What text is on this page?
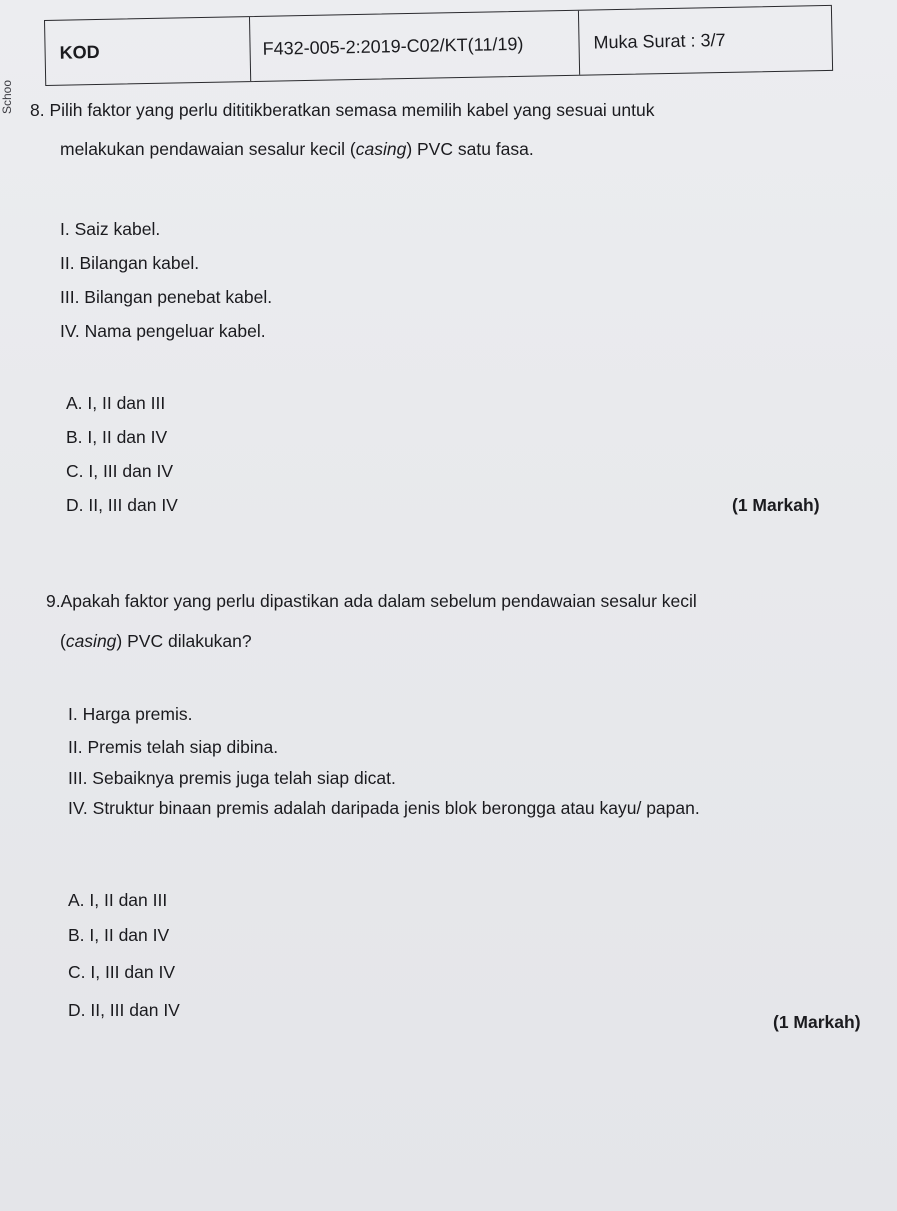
KOD	F432-005-2:2019-C02/KT(11/19)	Muka Surat : 3/7
Schoo 8. Pilih faktor yang perlu dititikberatkan semasa memilih kabel yang sesuai untuk
melakukan pendawaian sesalur kecil (casing) PVC satu fasa.
I. Saiz kabel.
II. Bilangan kabel.
III. Bilangan penebat kabel.
IV. Nama pengeluar kabel.
A. I, II dan III
B. I, II dan IV
C. I, III dan IV
D. II, III dan IV	(1 Markah)
9.Apakah faktor yang perlu dipastikan ada dalam sebelum pendawaian sesalur kecil
(casing) PVC dilakukan?
I. Harga premis.
II. Premis telah siap dibina.
III. Sebaiknya premis juga telah siap dicat.
IV. Struktur binaan premis adalah daripada jenis blok berongga atau kayu/ papan.
A. I, II dan III
B. I, II dan IV
C. I, III dan IV
D. II, III dan IV
(1 Markah)
